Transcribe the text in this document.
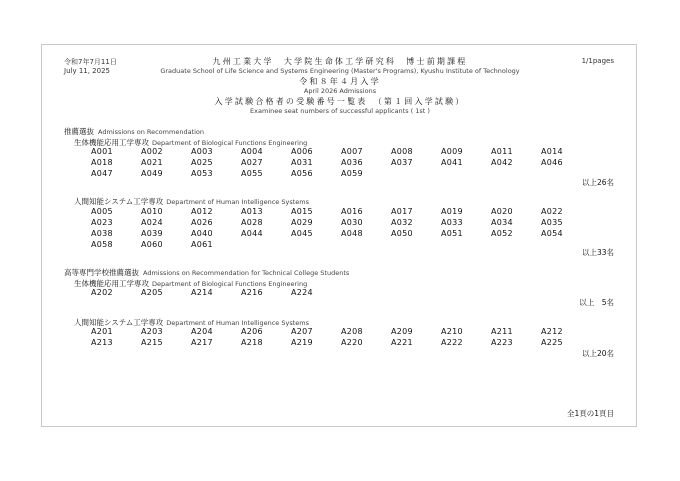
令和7年7月11日
July 11, 2025
1/1pages
九州工業大学　大学院生命体工学研究科　博士前期課程
Graduate School of Life Science and Systems Engineering (Master's Programs), Kyushu Institute of Technology
令和８年４月入学
April 2026 Admissions
入学試験合格者の受験番号一覧表　（第１回入学試験）
Examinee seat numbers of successful applicants ( 1st )
推薦選抜 Admissions on Recommendation
生体機能応用工学専攻 Department of Biological Functions Engineering
A001	A002	A003	A004	A006	A007	A008	A009	A011	A014
A018	A021	A025	A027	A031	A036	A037	A041	A042	A046
A047	A049	A053	A055	A056	A059
以上26名
人間知能システム工学専攻 Department of Human Intelligence Systems
A005	A010	A012	A013	A015	A016	A017	A019	A020	A022
A023	A024	A026	A028	A029	A030	A032	A033	A034	A035
A038	A039	A040	A044	A045	A048	A050	A051	A052	A054
A058	A060	A061
以上33名
高等専門学校推薦選抜 Admissions on Recommendation for Technical College Students
生体機能応用工学専攻 Department of Biological Functions Engineering
A202	A205	A214	A216	A224
以上　5名
人間知能システム工学専攻 Department of Human Intelligence Systems
A201	A203	A204	A206	A207	A208	A209	A210	A211	A212
A213	A215	A217	A218	A219	A220	A221	A222	A223	A225
以上20名
全1頁の1頁目
